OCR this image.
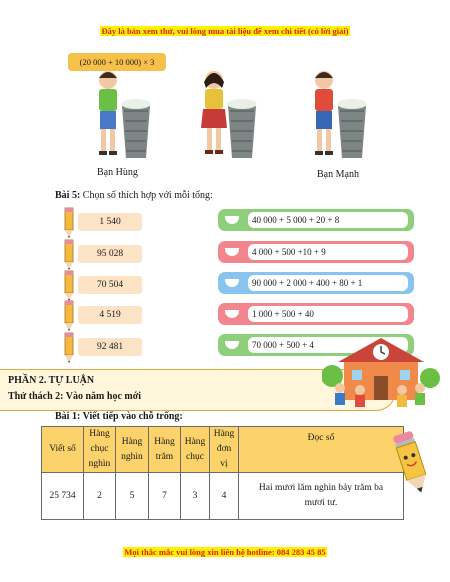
Đây là bản xem thử, vui lòng mua tài liệu để xem chi tiết (có lời giải)
(20 000 + 10 000) × 3
Bạn Hùng	Bạn Mạnh
Bài 5: Chọn số thích hợp với mỗi tổng:
1 540
95 028
70 504
4 519
92 481
40 000 + 5 000 + 20 + 8
4 000 + 500 +10 + 9
90 000 + 2 000 + 400 + 80 + 1
1 000 + 500 + 40
70 000 + 500 + 4
PHẦN 2. TỰ LUẬN
Thử thách 2: Vào năm học mới
Bài 1: Viết tiếp vào chỗ trống:
Viết số	Hàng
chục
nghìn	Hàng
nghìn	Hàng
trăm	Hàng
chục	Hàng
đơn
vị	Đọc số
25 734	2	5	7	3	4	Hai mươi lăm nghìn bảy trăm ba
mươi tư.
Mọi thắc mắc vui lòng xin liên hệ hotline: 084 283 45 85
